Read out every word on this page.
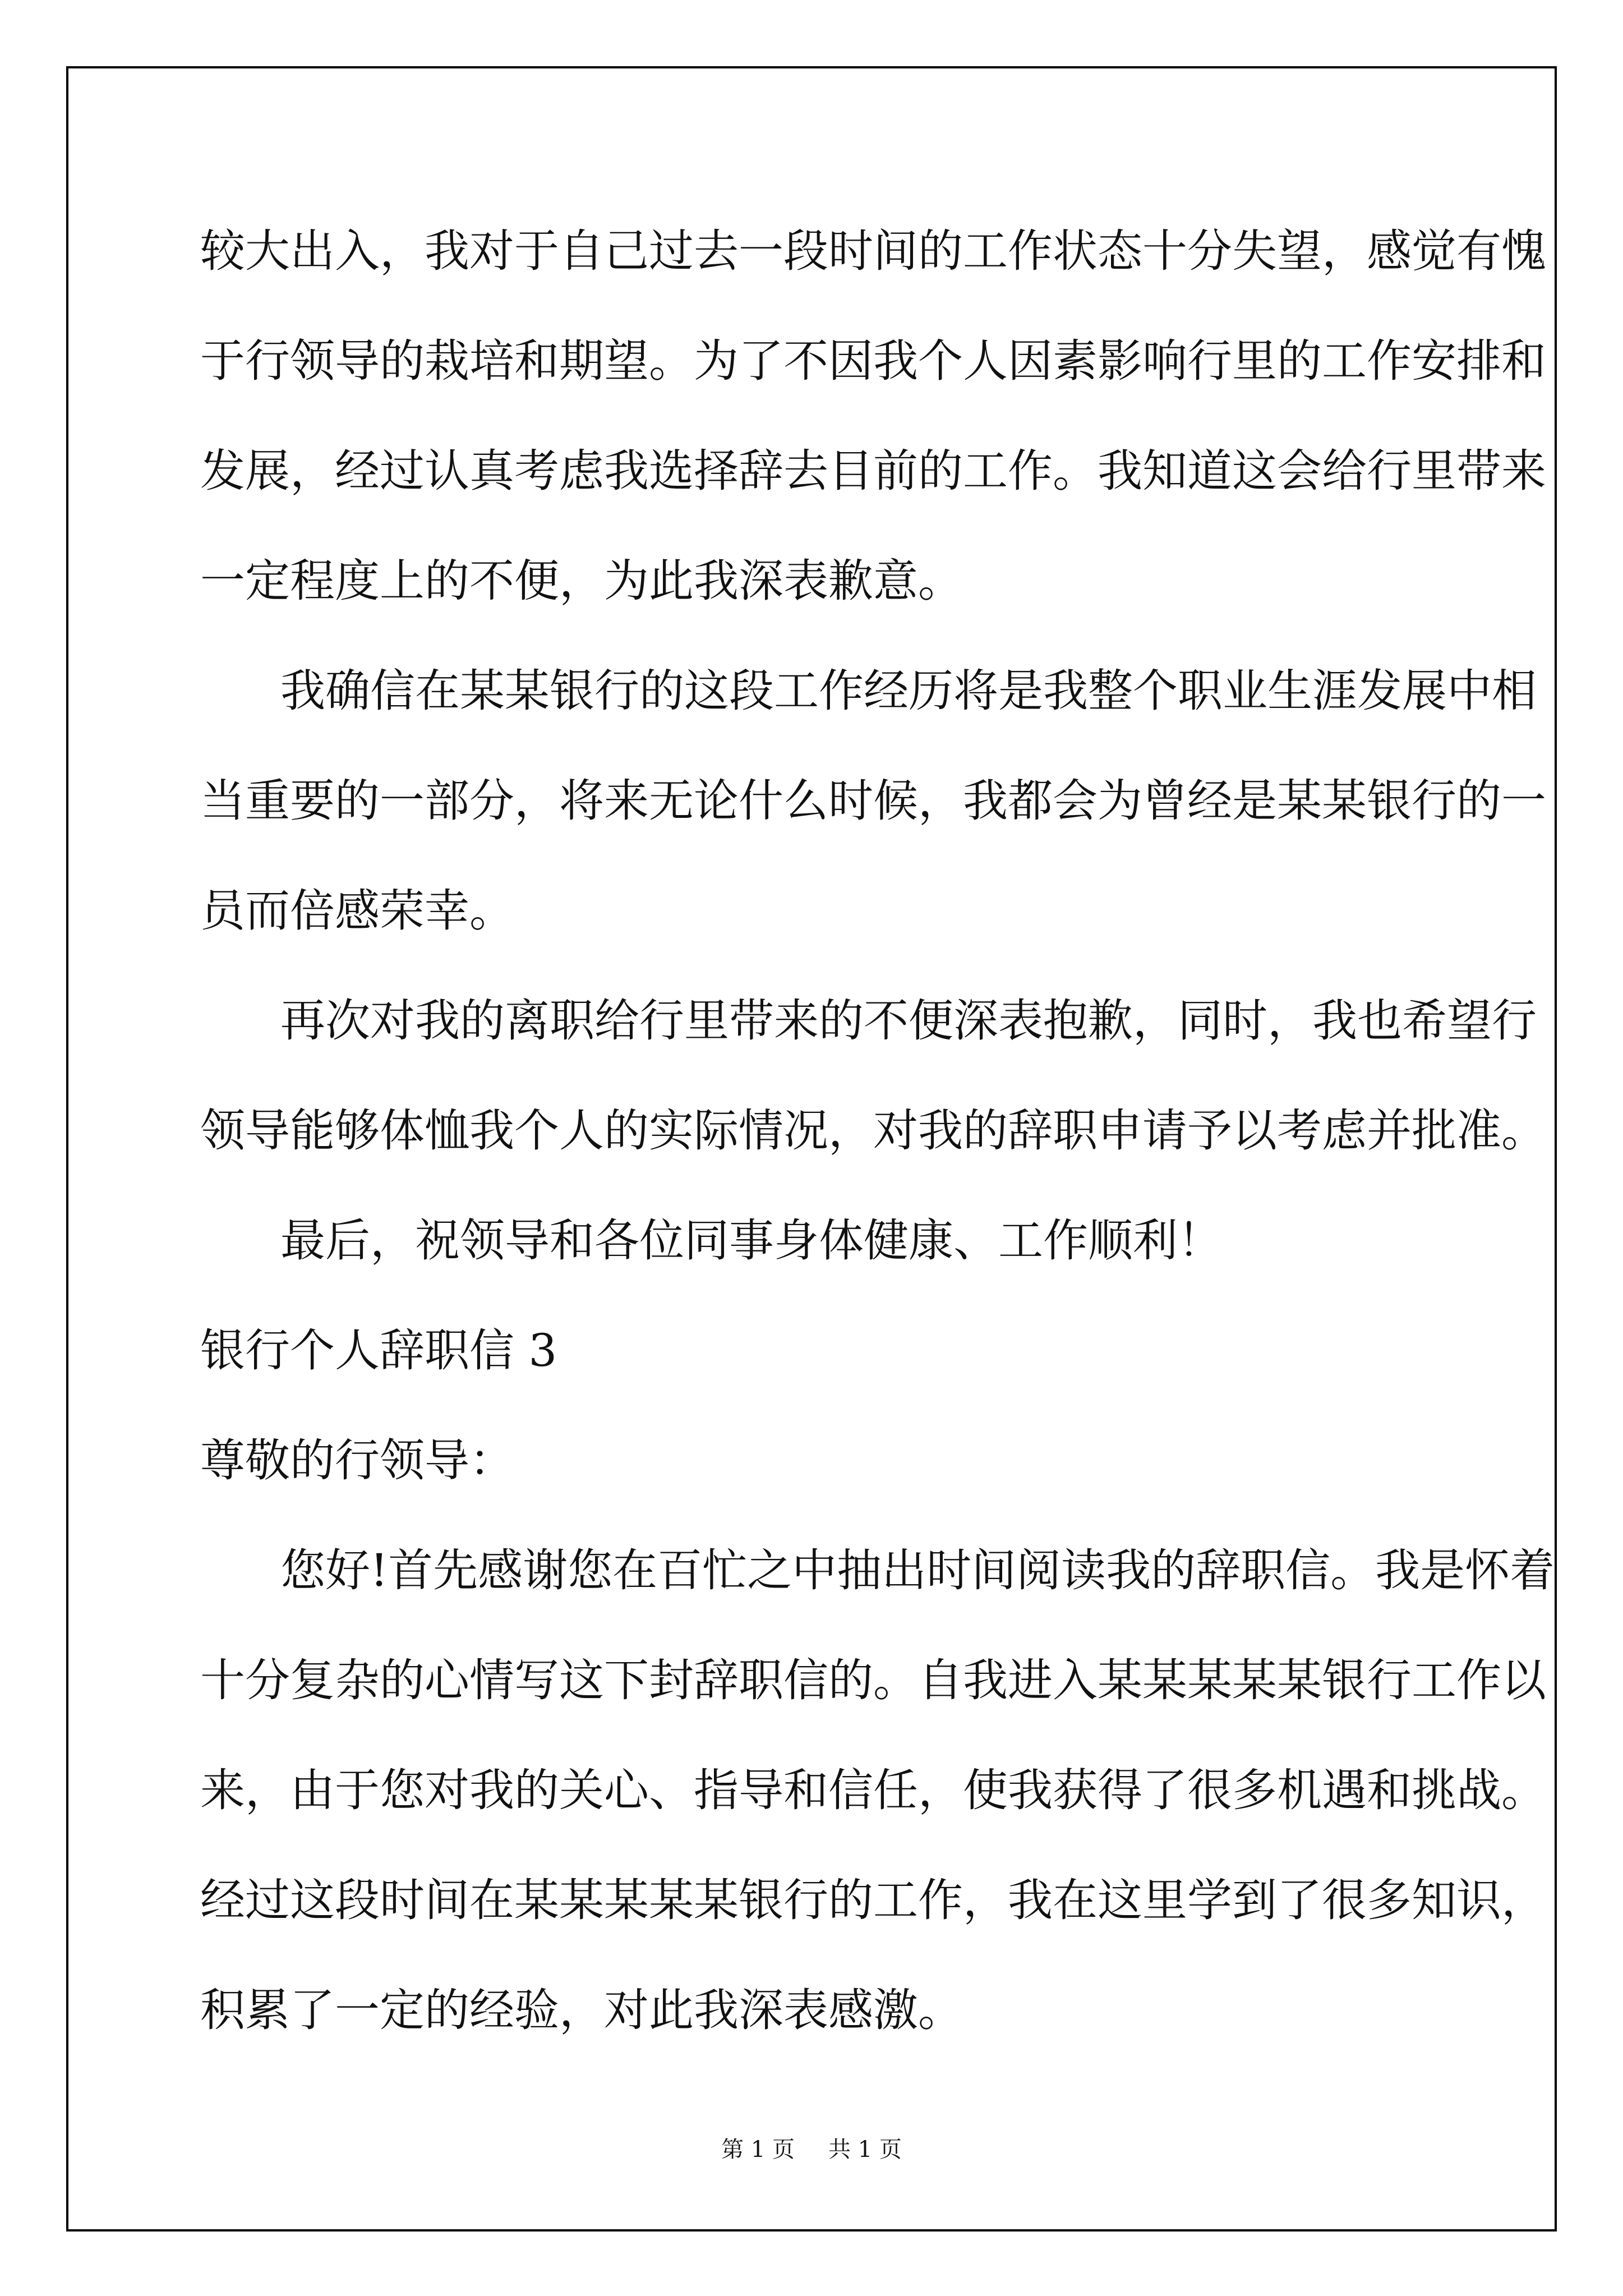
较大出入，我对于自己过去一段时间的工作状态十分失望，感觉有愧
于行领导的栽培和期望。为了不因我个人因素影响行里的工作安排和
发展，经过认真考虑我选择辞去目前的工作。我知道这会给行里带来
一定程度上的不便，为此我深表歉意。
我确信在某某银行的这段工作经历将是我整个职业生涯发展中相
当重要的一部分，将来无论什么时候，我都会为曾经是某某银行的一
员而倍感荣幸。
再次对我的离职给行里带来的不便深表抱歉，同时，我也希望行
领导能够体恤我个人的实际情况，对我的辞职申请予以考虑并批准。
最后，祝领导和各位同事身体健康、工作顺利！
银行个人辞职信 3
尊敬的行领导：
您好!首先感谢您在百忙之中抽出时间阅读我的辞职信。我是怀着
十分复杂的心情写这下封辞职信的。自我进入某某某某某银行工作以
来，由于您对我的关心、指导和信任，使我获得了很多机遇和挑战。
经过这段时间在某某某某某银行的工作，我在这里学到了很多知识，
积累了一定的经验，对此我深表感激。
第 1 页 共 1 页
